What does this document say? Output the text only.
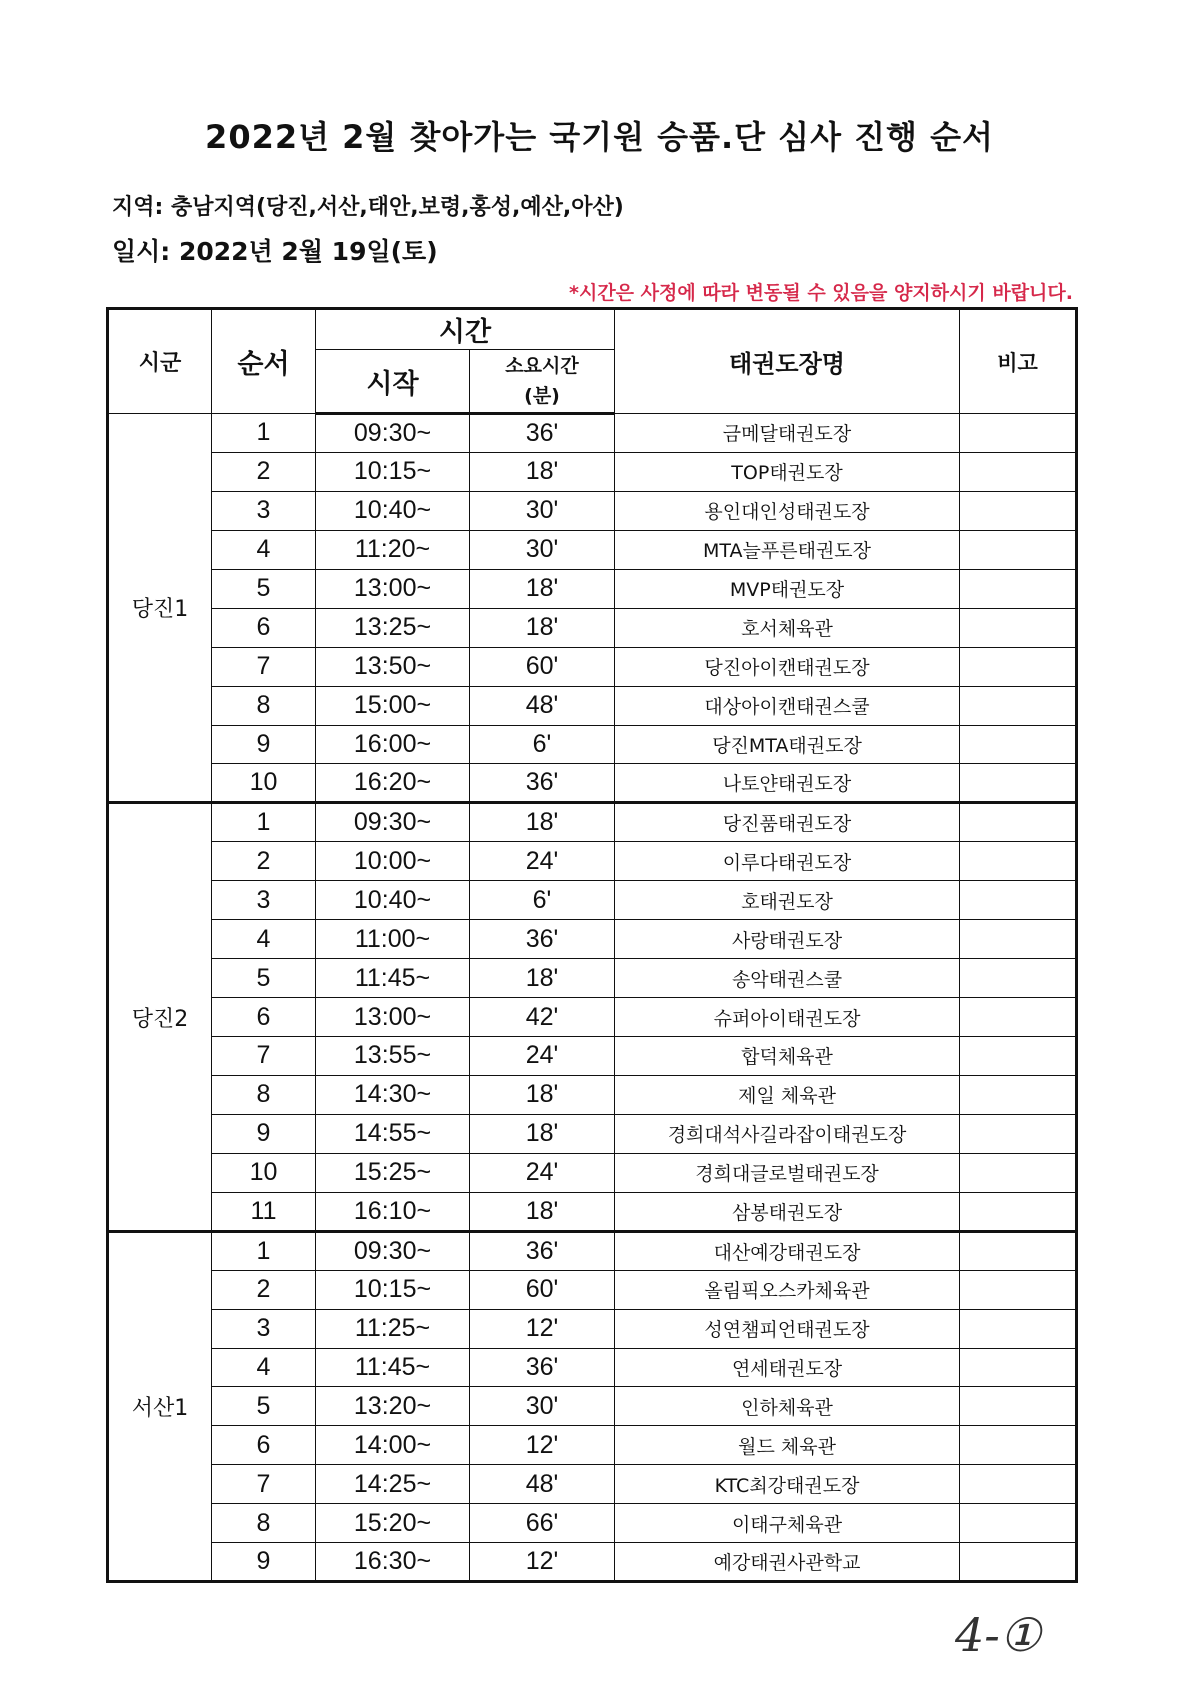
2022년 2월 찾아가는 국기원 승품.단 심사 진행 순서
지역: 충남지역(당진,서산,태안,보령,홍성,예산,아산)
일시: 2022년 2월 19일(토)
*시간은 사정에 따라 변동될 수 있음을 양지하시기 바랍니다.
시군	순서	시간		태권도장명	비고
		시작	소요시간
(분)		

당진1	1	09:30~	36'	금메달태권도장	
	2	10:15~	18'	TOP태권도장	
	3	10:40~	30'	용인대인성태권도장	
	4	11:20~	30'	MTA늘푸른태권도장	
	5	13:00~	18'	MVP태권도장	
	6	13:25~	18'	호서체육관	
	7	13:50~	60'	당진아이캔태권도장	
	8	15:00~	48'	대상아이캔태권스쿨	
	9	16:00~	6'	당진MTA태권도장	
	10	16:20~	36'	나토얀태권도장	
당진2	1	09:30~	18'	당진품태권도장	
	2	10:00~	24'	이루다태권도장	
	3	10:40~	6'	호태권도장	
	4	11:00~	36'	사랑태권도장	
	5	11:45~	18'	송악태권스쿨	
	6	13:00~	42'	슈퍼아이태권도장	
	7	13:55~	24'	합덕체육관	
	8	14:30~	18'	제일 체육관	
	9	14:55~	18'	경희대석사길라잡이태권도장	
	10	15:25~	24'	경희대글로벌태권도장	
	11	16:10~	18'	삼봉태권도장	
서산1	1	09:30~	36'	대산예강태권도장	
	2	10:15~	60'	올림픽오스카체육관	
	3	11:25~	12'	성연챔피언태권도장	
	4	11:45~	36'	연세태권도장	
	5	13:20~	30'	인하체육관	
	6	14:00~	12'	월드 체육관	
	7	14:25~	48'	KTC최강태권도장	
	8	15:20~	66'	이태구체육관	
	9	16:30~	12'	예강태권사관학교	
4-①
